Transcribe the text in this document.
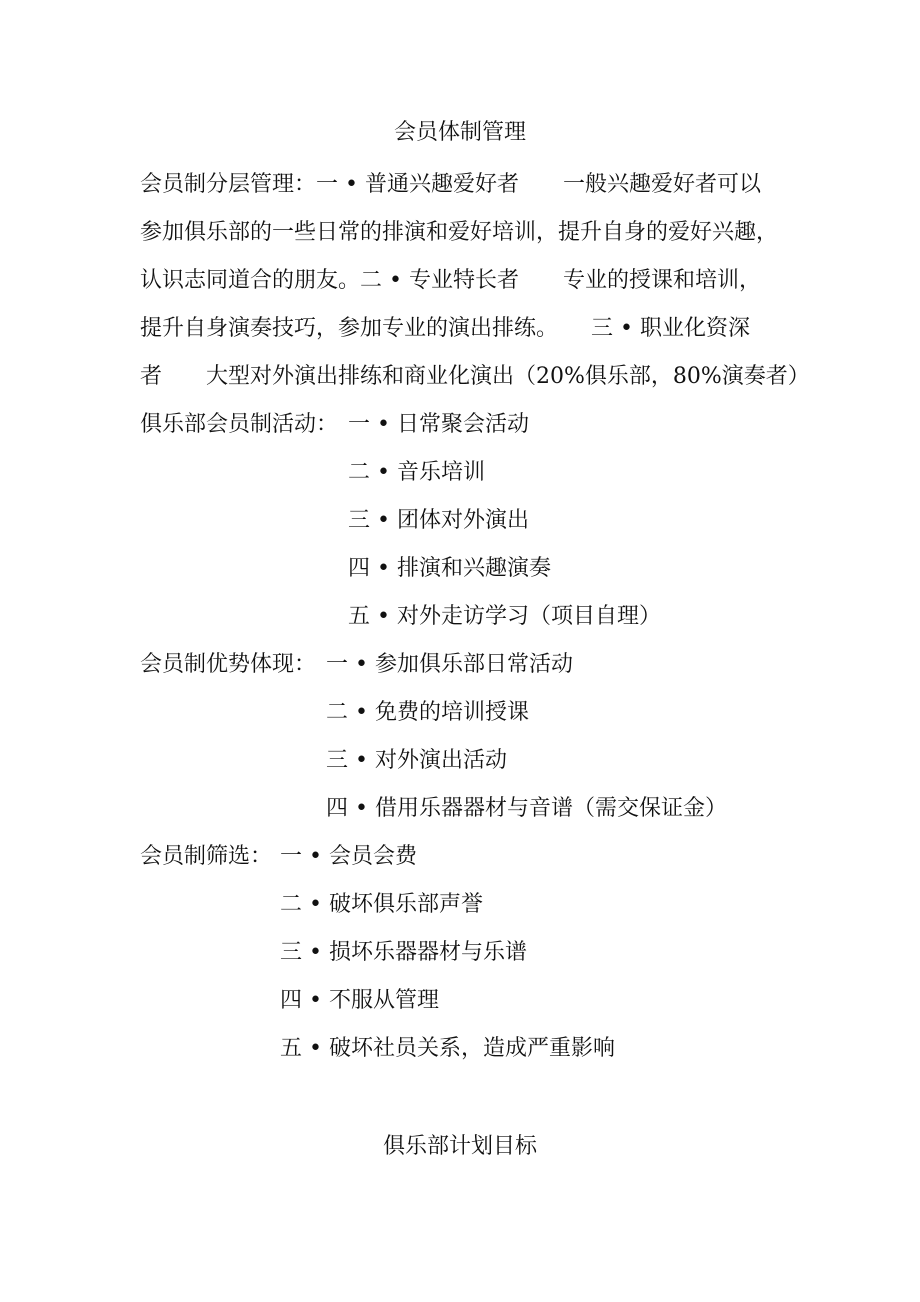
会员体制管理
会员制分层管理：一 • 普通兴趣爱好者　　一般兴趣爱好者可以
参加俱乐部的一些日常的排演和爱好培训，提升自身的爱好兴趣，
认识志同道合的朋友。二 • 专业特长者　　专业的授课和培训，
提升自身演奏技巧，参加专业的演出排练。　　三 • 职业化资深
者　　大型对外演出排练和商业化演出（20%俱乐部，80%演奏者）
俱乐部会员制活动： 一 • 日常聚会活动
二 • 音乐培训
三 • 团体对外演出
四 • 排演和兴趣演奏
五 • 对外走访学习（项目自理）
会员制优势体现： 一 • 参加俱乐部日常活动
二 • 免费的培训授课
三 • 对外演出活动
四 • 借用乐器器材与音谱（需交保证金）
会员制筛选： 一 • 会员会费
二 • 破坏俱乐部声誉
三 • 损坏乐器器材与乐谱
四 • 不服从管理
五 • 破坏社员关系，造成严重影响
俱乐部计划目标
